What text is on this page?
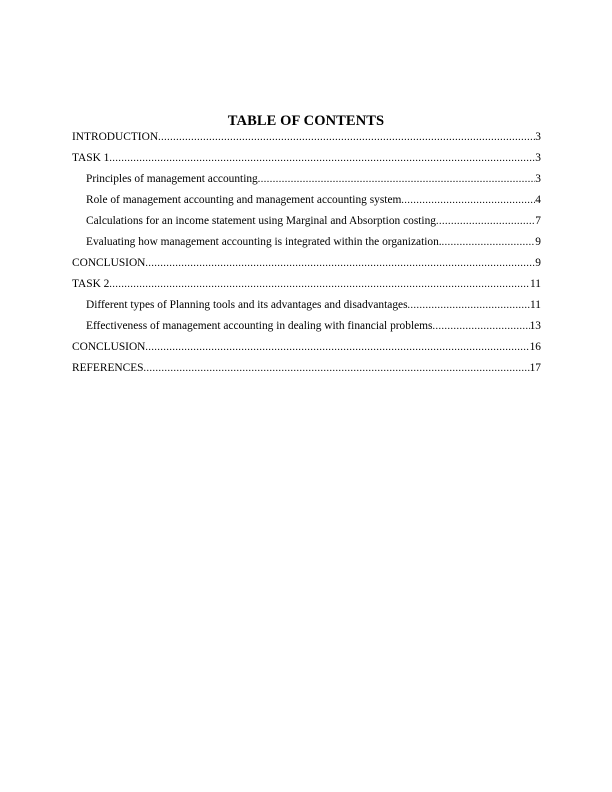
TABLE OF CONTENTS
INTRODUCTION .....	3
TASK 1 .....	3
Principles of management accounting .....	3
Role of management accounting and management accounting system .....	4
Calculations for an income statement using Marginal and Absorption costing .....	7
Evaluating how management accounting is integrated within the organization. .....	9
CONCLUSION .....	9
TASK 2 .....	11
Different types of Planning tools and its advantages and disadvantages .....	11
Effectiveness of management accounting in dealing with financial problems .....	13
CONCLUSION .....	16
REFERENCES .....	17
